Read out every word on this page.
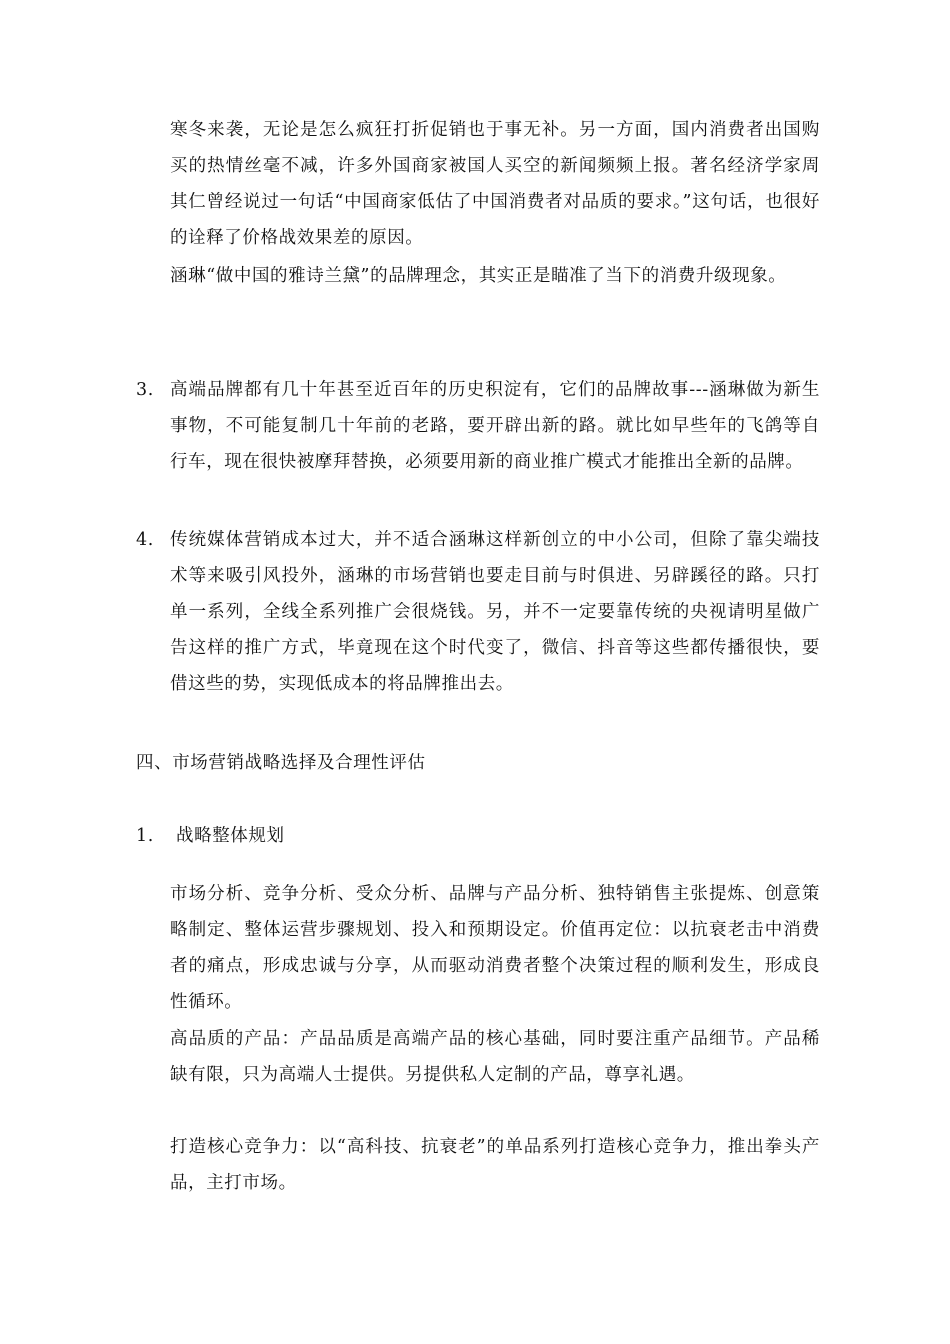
寒冬来袭，无论是怎么疯狂打折促销也于事无补。另一方面，国内消费者出国购买的热情丝毫不减，许多外国商家被国人买空的新闻频频上报。著名经济学家周其仁曾经说过一句话“中国商家低估了中国消费者对品质的要求。”这句话，也很好的诠释了价格战效果差的原因。

涵琳“做中国的雅诗兰黛”的品牌理念，其实正是瞄准了当下的消费升级现象。

3. 高端品牌都有几十年甚至近百年的历史积淀有，它们的品牌故事---涵琳做为新生事物，不可能复制几十年前的老路，要开辟出新的路。就比如早些年的飞鸽等自行车，现在很快被摩拜替换，必须要用新的商业推广模式才能推出全新的品牌。
4. 传统媒体营销成本过大，并不适合涵琳这样新创立的中小公司，但除了靠尖端技术等来吸引风投外，涵琳的市场营销也要走目前与时俱进、另辟蹊径的路。只打单一系列，全线全系列推广会很烧钱。另，并不一定要靠传统的央视请明星做广告这样的推广方式，毕竟现在这个时代变了，微信、抖音等这些都传播很快，要借这些的势，实现低成本的将品牌推出去。
四、市场营销战略选择及合理性评估
1. 战略整体规划

市场分析、竞争分析、受众分析、品牌与产品分析、独特销售主张提炼、创意策略制定、整体运营步骤规划、投入和预期设定。价值再定位：以抗衰老击中消费者的痛点，形成忠诚与分享，从而驱动消费者整个决策过程的顺利发生，形成良性循环。

高品质的产品：产品品质是高端产品的核心基础，同时要注重产品细节。产品稀缺有限，只为高端人士提供。另提供私人定制的产品，尊享礼遇。

打造核心竞争力：以“高科技、抗衰老”的单品系列打造核心竞争力，推出拳头产品，主打市场。
